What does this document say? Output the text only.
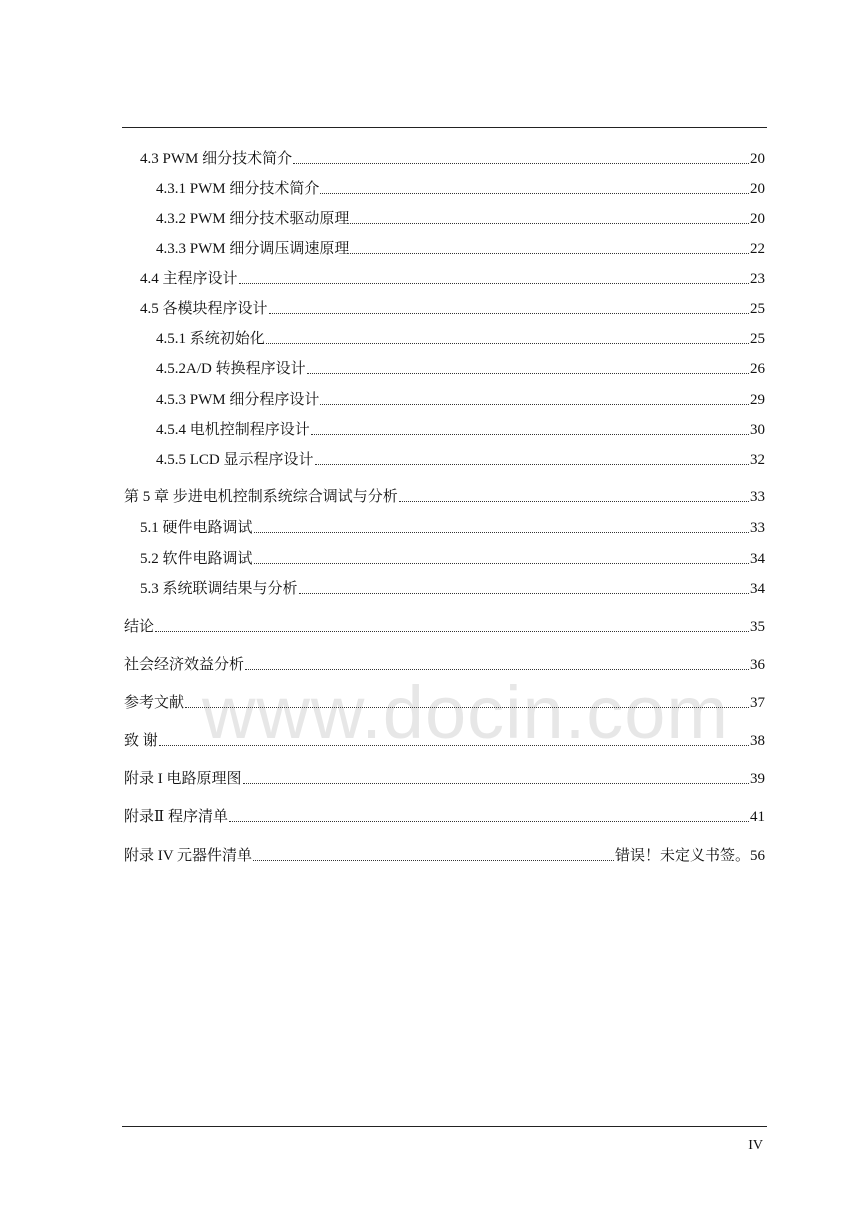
4.3 PWM 细分技术简介	20
4.3.1 PWM 细分技术简介	20
4.3.2 PWM 细分技术驱动原理	20
4.3.3 PWM 细分调压调速原理	22
4.4 主程序设计	23
4.5 各模块程序设计	25
4.5.1 系统初始化	25
4.5.2A/D 转换程序设计	26
4.5.3 PWM 细分程序设计	29
4.5.4 电机控制程序设计	30
4.5.5 LCD 显示程序设计	32
第 5 章 步进电机控制系统综合调试与分析	33
5.1 硬件电路调试	33
5.2 软件电路调试	34
5.3 系统联调结果与分析	34
结论	35
社会经济效益分析	36
参考文献	37
致 谢	38
附录 I 电路原理图	39
附录Ⅱ 程序清单	41
附录 IV 元器件清单	错误！未定义书签。 56
www.docin.com
IV
